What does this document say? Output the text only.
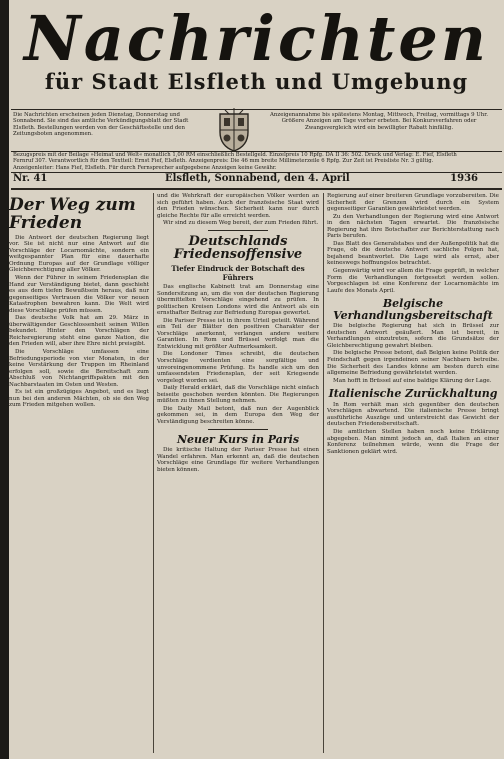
Nachrichten
für Stadt Elsfleth und Umgebung
Die Nachrichten erscheinen jeden Dienstag, Donnerstag und Sonnabend. Sie sind das amtliche Verkündigungsblatt der Stadt Elsfleth. Bestellungen werden von der Geschäftsstelle und den Zeitungsboten angenommen.
Anzeigenannahme bis spätestens Montag, Mittwoch, Freitag, vormittags 9 Uhr. Größere Anzeigen am Tage vorher erbeten. Bei Konkursverfahren oder Zwangsvergleich wird ein bewilligter Rabatt hinfällig.
Bezugspreis mit der Beilage »Heimat und Welt« monatlich 1,00 RM einschließlich Bestellgeld. Einzelpreis 10 Rpfg. DA II 36: 502. Druck und Verlag: E. Fief, Elsfleth
Fernruf 307. Verantwortlich für den Textteil: Ernst Fief, Elsfleth. Anzeigenpreis: Die 46 mm breite Millimeterzeile 6 Rpfg. Zur Zeit ist Preisliste Nr. 3 gültig.
Anzeigenleiter: Hans Fief, Elsfleth. Für durch Fernsprecher aufgegebene Anzeigen keine Gewähr.
Nr. 41	Elsfleth, Sonnabend, den 4. April	1936
Der Weg zum Frieden

Die Antwort der deutschen Regierung liegt vor. Sie ist nicht nur eine Antwort auf die Vorschläge der Locarnomächte, sondern ein weitgespannter Plan für eine dauerhafte Ordnung Europas auf der Grundlage völliger Gleichberechtigung aller Völker.

Wenn der Führer in seinem Friedensplan die Hand zur Verständigung bietet, dann geschieht es aus dem tiefen Bewußtsein heraus, daß nur gegenseitiges Vertrauen die Völker vor neuen Katastrophen bewahren kann. Die Welt wird diese Vorschläge prüfen müssen.

Das deutsche Volk hat am 29. März in überwältigender Geschlossenheit seinen Willen bekundet. Hinter den Vorschlägen der Reichsregierung steht eine ganze Nation, die den Frieden will, aber ihre Ehre nicht preisgibt.

Die Vorschläge umfassen eine Befriedungsperiode von vier Monaten, in der keine Verstärkung der Truppen im Rheinland erfolgen soll, sowie die Bereitschaft zum Abschluß von Nichtangriffspakten mit den Nachbarstaaten im Osten und Westen.

Es ist ein großzügiges Angebot, und es liegt nun bei den anderen Mächten, ob sie den Weg zum Frieden mitgehen wollen.

und die Wehrkraft der europäischen Völker werden an sich geführt haben. Auch der französische Staat wird den Frieden wünschen. Sicherheit kann nur durch gleiche Rechte für alle erreicht werden.

Wir sind zu diesem Weg bereit, der zum Frieden führt.

Deutschlands Friedensoffensive
Tiefer Eindruck der Botschaft des Führers

Das englische Kabinett trat am Donnerstag eine Sondersitzung an, um die von der deutschen Regierung übermittelten Vorschläge eingehend zu prüfen. In politischen Kreisen Londons wird die Antwort als ein ernsthafter Beitrag zur Befriedung Europas gewertet.

Die Pariser Presse ist in ihrem Urteil geteilt. Während ein Teil der Blätter den positiven Charakter der Vorschläge anerkennt, verlangen andere weitere Garantien. In Rom und Brüssel verfolgt man die Entwicklung mit größter Aufmerksamkeit.

Die Londoner Times schreibt, die deutschen Vorschläge verdienten eine sorgfältige und unvoreingenommene Prüfung. Es handle sich um den umfassendsten Friedensplan, der seit Kriegsende vorgelegt worden sei.

Daily Herald erklärt, daß die Vorschläge nicht einfach beiseite geschoben werden könnten. Die Regierungen müßten zu ihnen Stellung nehmen.

Die Daily Mail betont, daß nun der Augenblick gekommen sei, in dem Europa den Weg der Verständigung beschreiten könne.

Neuer Kurs in Paris

Die kritische Haltung der Pariser Presse hat einen Wandel erfahren. Man erkennt an, daß die deutschen Vorschläge eine Grundlage für weitere Verhandlungen bieten können.

Regierung auf einer breiteren Grundlage vorzubereiten. Die Sicherheit der Grenzen wird durch ein System gegenseitiger Garantien gewährleistet werden.

Zu den Verhandlungen der Regierung wird eine Antwort in den nächsten Tagen erwartet. Die französische Regierung hat ihre Botschafter zur Berichterstattung nach Paris berufen.

Das Blatt des Generalstabes und der Außenpolitik hat die Frage, ob die deutsche Antwort sachliche Folgen hat, bejahend beantwortet. Die Lage wird als ernst, aber keineswegs hoffnungslos betrachtet.

Gegenwärtig wird vor allem die Frage geprüft, in welcher Form die Verhandlungen fortgesetzt werden sollen. Vorgeschlagen ist eine Konferenz der Locarnomächte im Laufe des Monats April.

Belgische Verhandlungsbereitschaft

Die belgische Regierung hat sich in Brüssel zur deutschen Antwort geäußert. Man ist bereit, in Verhandlungen einzutreten, sofern die Grundsätze der Gleichberechtigung gewahrt bleiben.

Die belgische Presse betont, daß Belgien keine Politik der Feindschaft gegen irgendeinen seiner Nachbarn betreibe. Die Sicherheit des Landes könne am besten durch eine allgemeine Befriedung gewährleistet werden.

Man hofft in Brüssel auf eine baldige Klärung der Lage.

Italienische Zurückhaltung

In Rom verhält man sich gegenüber den deutschen Vorschlägen abwartend. Die italienische Presse bringt ausführliche Auszüge und unterstreicht das Gewicht der deutschen Friedensbereitschaft.

Die amtlichen Stellen haben noch keine Erklärung abgegeben. Man nimmt jedoch an, daß Italien an einer Konferenz teilnehmen würde, wenn die Frage der Sanktionen geklärt wird.
